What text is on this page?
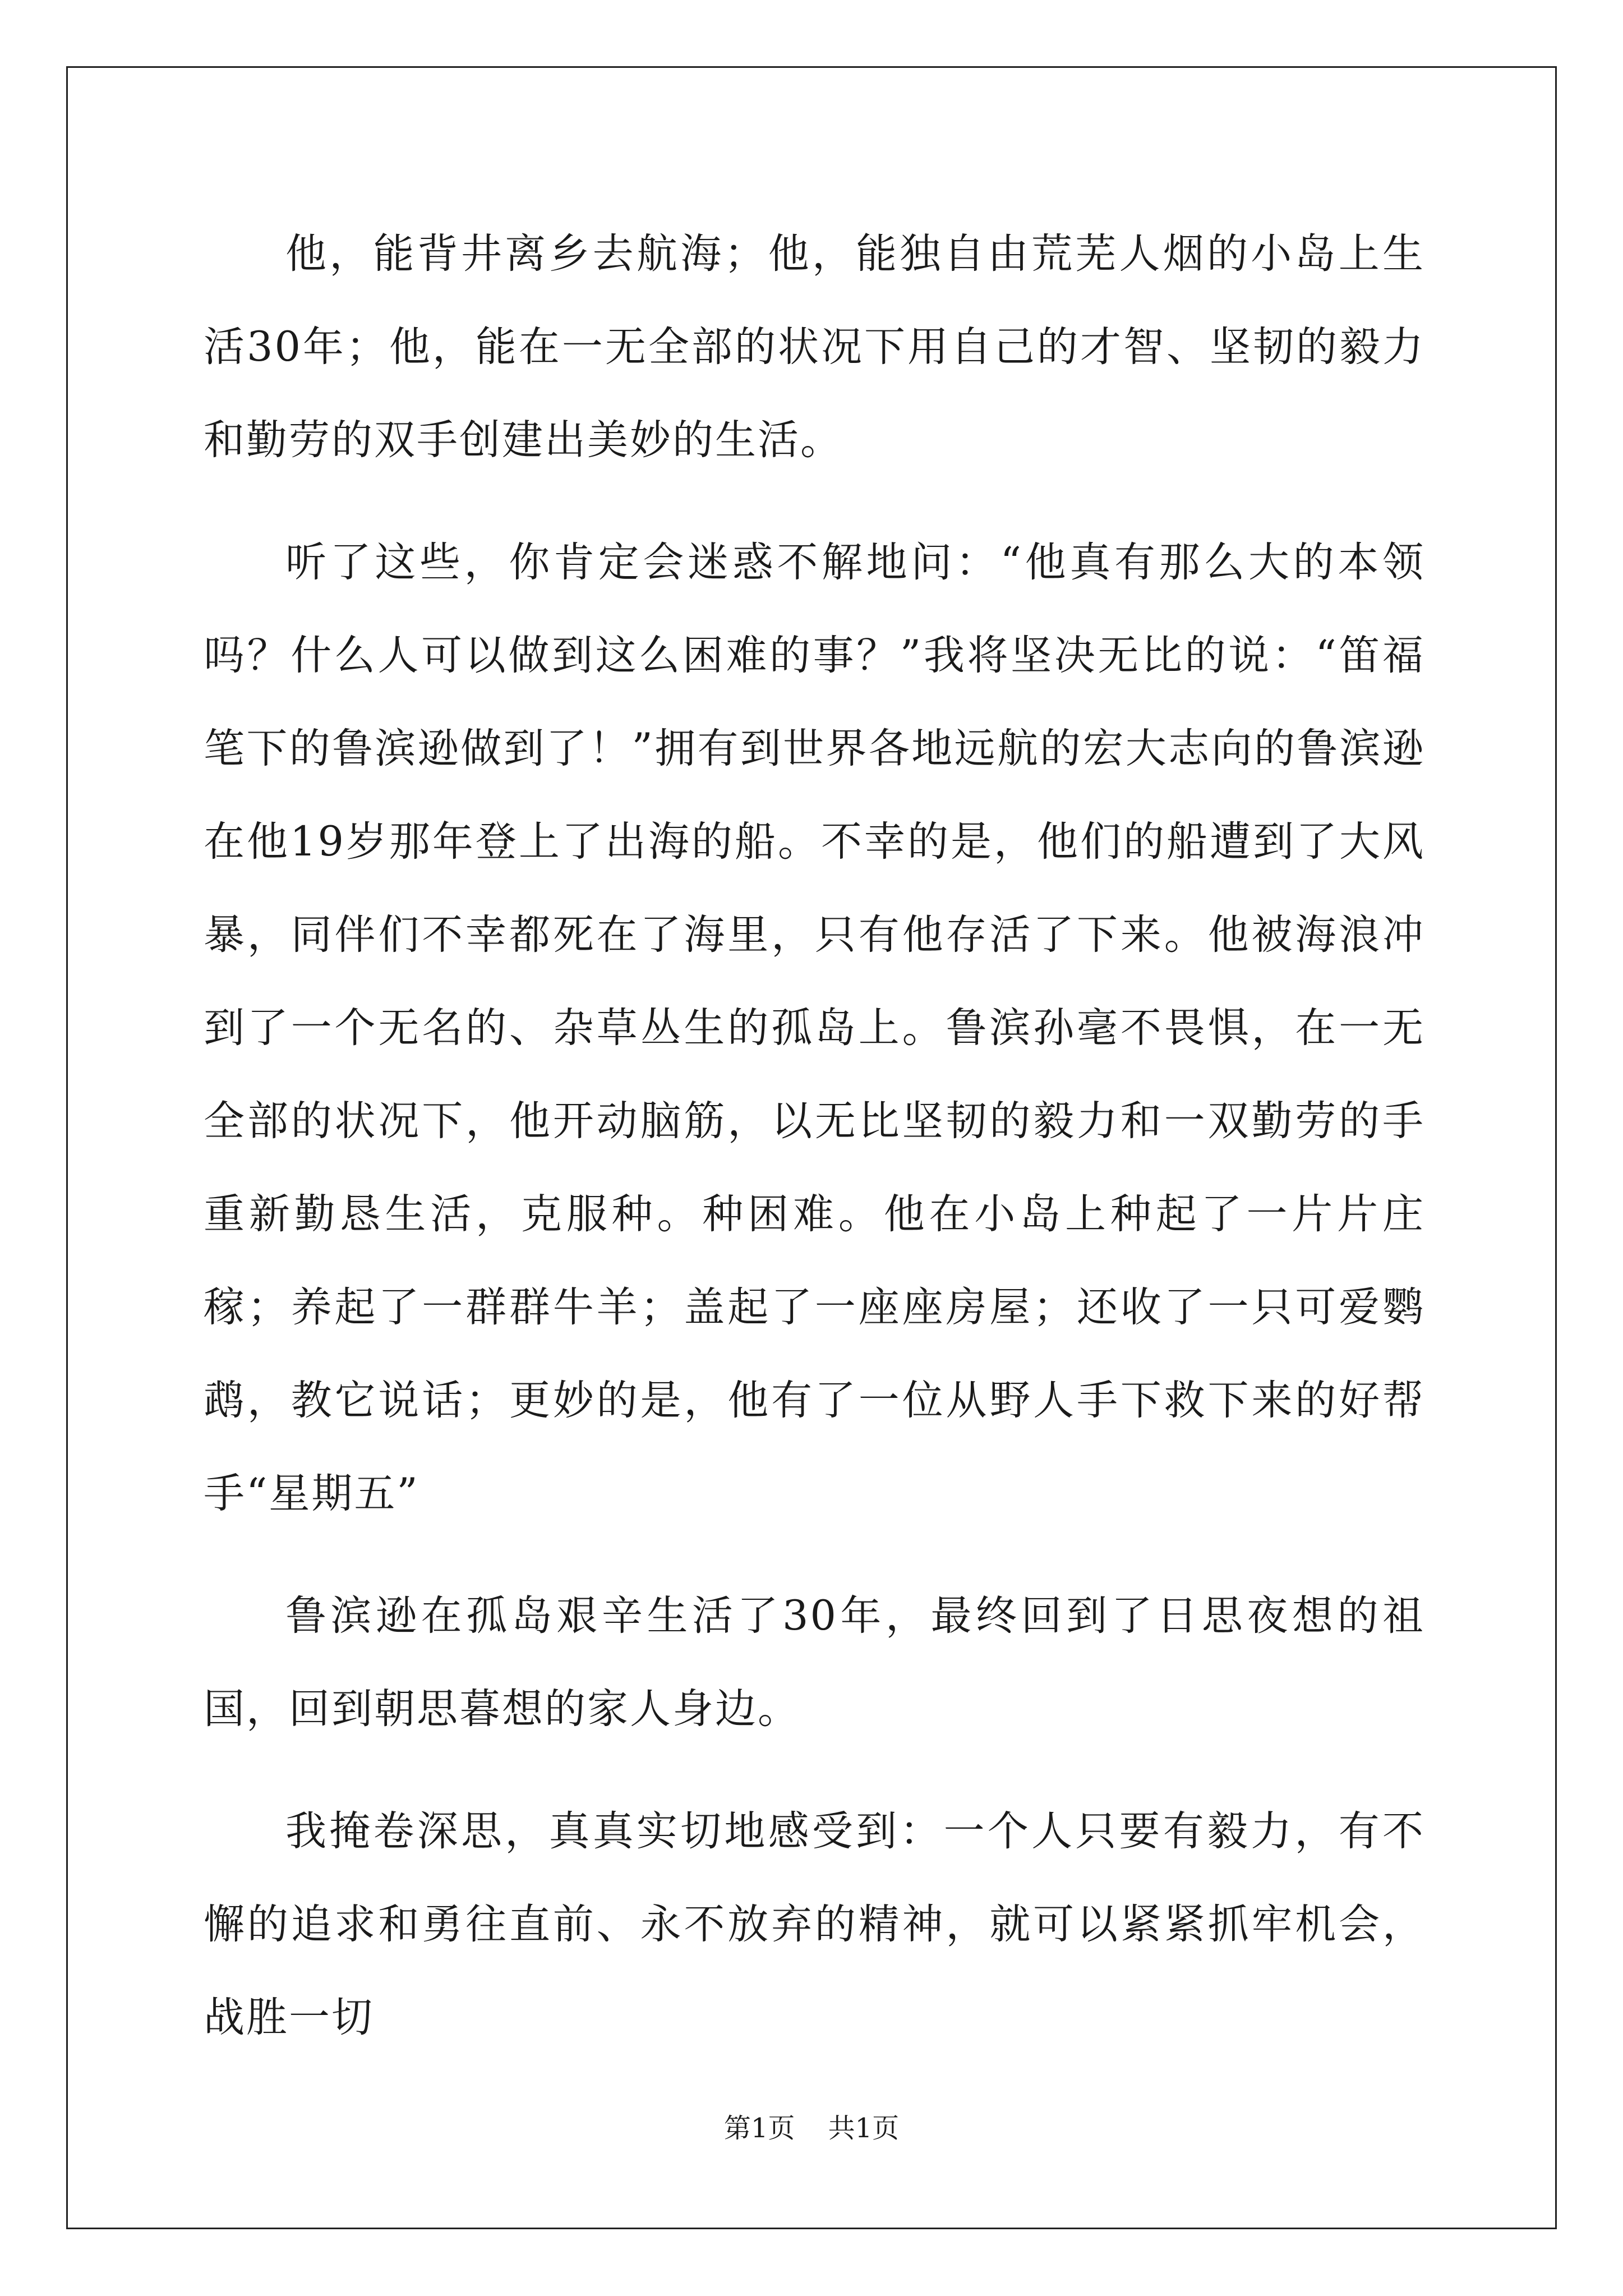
他，能背井离乡去航海；他，能独自由荒芜人烟的小岛上生活30年；他，能在一无全部的状况下用自己的才智、坚韧的毅力和勤劳的双手创建出美妙的生活。

听了这些，你肯定会迷惑不解地问：“他真有那么大的本领吗？什么人可以做到这么困难的事？”我将坚决无比的说：“笛福笔下的鲁滨逊做到了！”拥有到世界各地远航的宏大志向的鲁滨逊在他19岁那年登上了出海的船。不幸的是，他们的船遭到了大风暴，同伴们不幸都死在了海里，只有他存活了下来。他被海浪冲到了一个无名的、杂草丛生的孤岛上。鲁滨孙毫不畏惧，在一无全部的状况下，他开动脑筋，以无比坚韧的毅力和一双勤劳的手重新勤恳生活，克服种。种困难。他在小岛上种起了一片片庄稼；养起了一群群牛羊；盖起了一座座房屋；还收了一只可爱鹦鹉，教它说话；更妙的是，他有了一位从野人手下救下来的好帮手“星期五”

鲁滨逊在孤岛艰辛生活了30年，最终回到了日思夜想的祖国，回到朝思暮想的家人身边。

我掩卷深思，真真实切地感受到：一个人只要有毅力，有不懈的追求和勇往直前、永不放弃的精神，就可以紧紧抓牢机会，战胜一切

第1页 共1页
